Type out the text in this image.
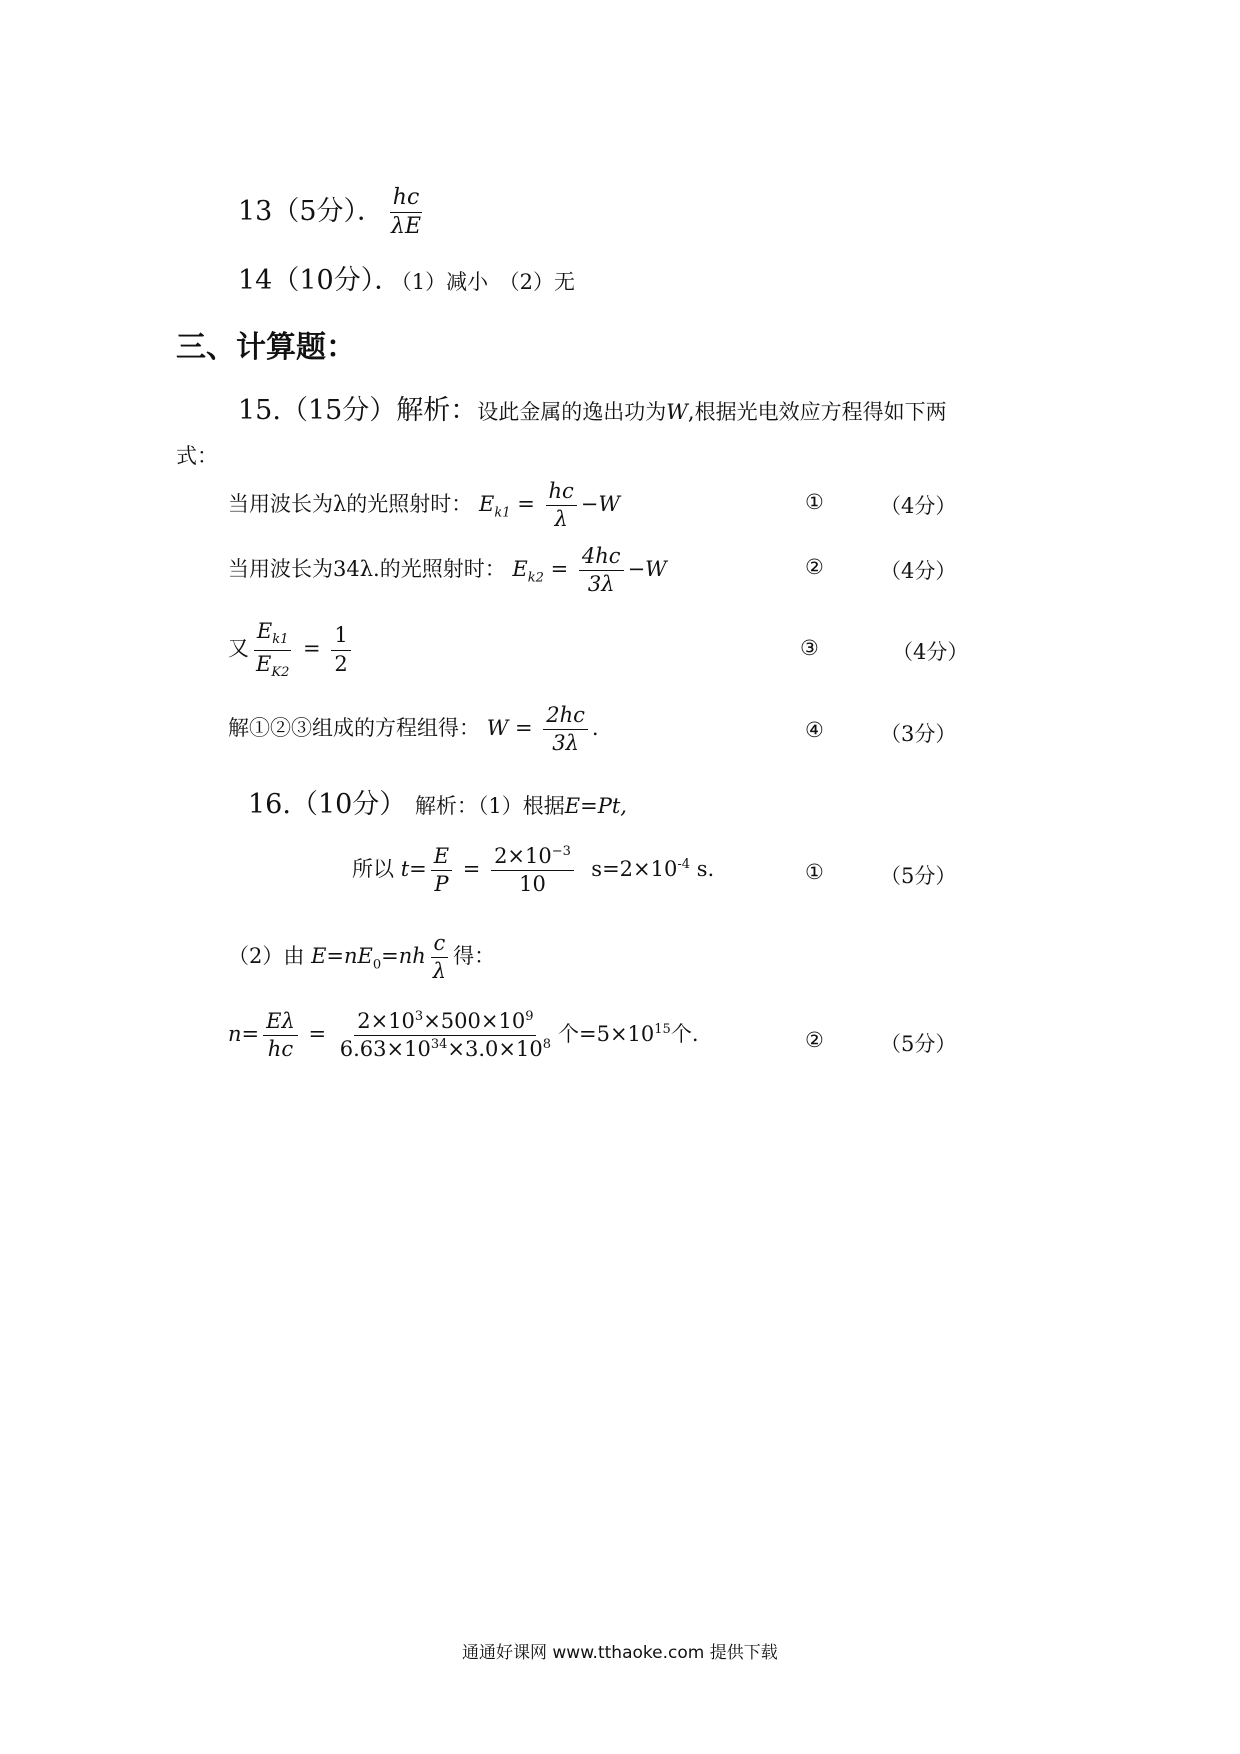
13（5分）． $\frac{hc}{\lambda E}$
14（10分）．（1）减小　（2）无
三、计算题：
15.（15分）解析：设此金属的逸出功为W,根据光电效应方程得如下两
式：
当用波长为λ的光照射时： $E_{k1} = \frac{hc}{\lambda} -W$	①	（4分）
当用波长为34λ.的光照射时： $E_{k2} = \frac{4hc}{3\lambda} -W$	②	（4分）
又 $\frac{E_{k1}}{E_{K2}} = \frac{1}{2}$	③	（4分）
解①②③组成的方程组得： $W = \frac{2hc}{3\lambda}$ .	④	（3分）
16.（10分） 解析：（1）根据E=Pt,
所以 $t= \frac{E}{P} = \frac{2\times 10^{-3}}{10} s=2\times 10^{-4}$ s.	①	（5分）
（2）由 $E=nE_0=nh \frac{c}{\lambda}$ 得：
$n= \frac{E\lambda}{hc} = \frac{2\times 10^3\times 500\times 10^9}{6.63\times 10^{34}\times 3.0\times 10^8}$ 个$=5\times 10^{15}$个.	②	（5分）
通通好课网 www.tthaoke.com 提供下载
